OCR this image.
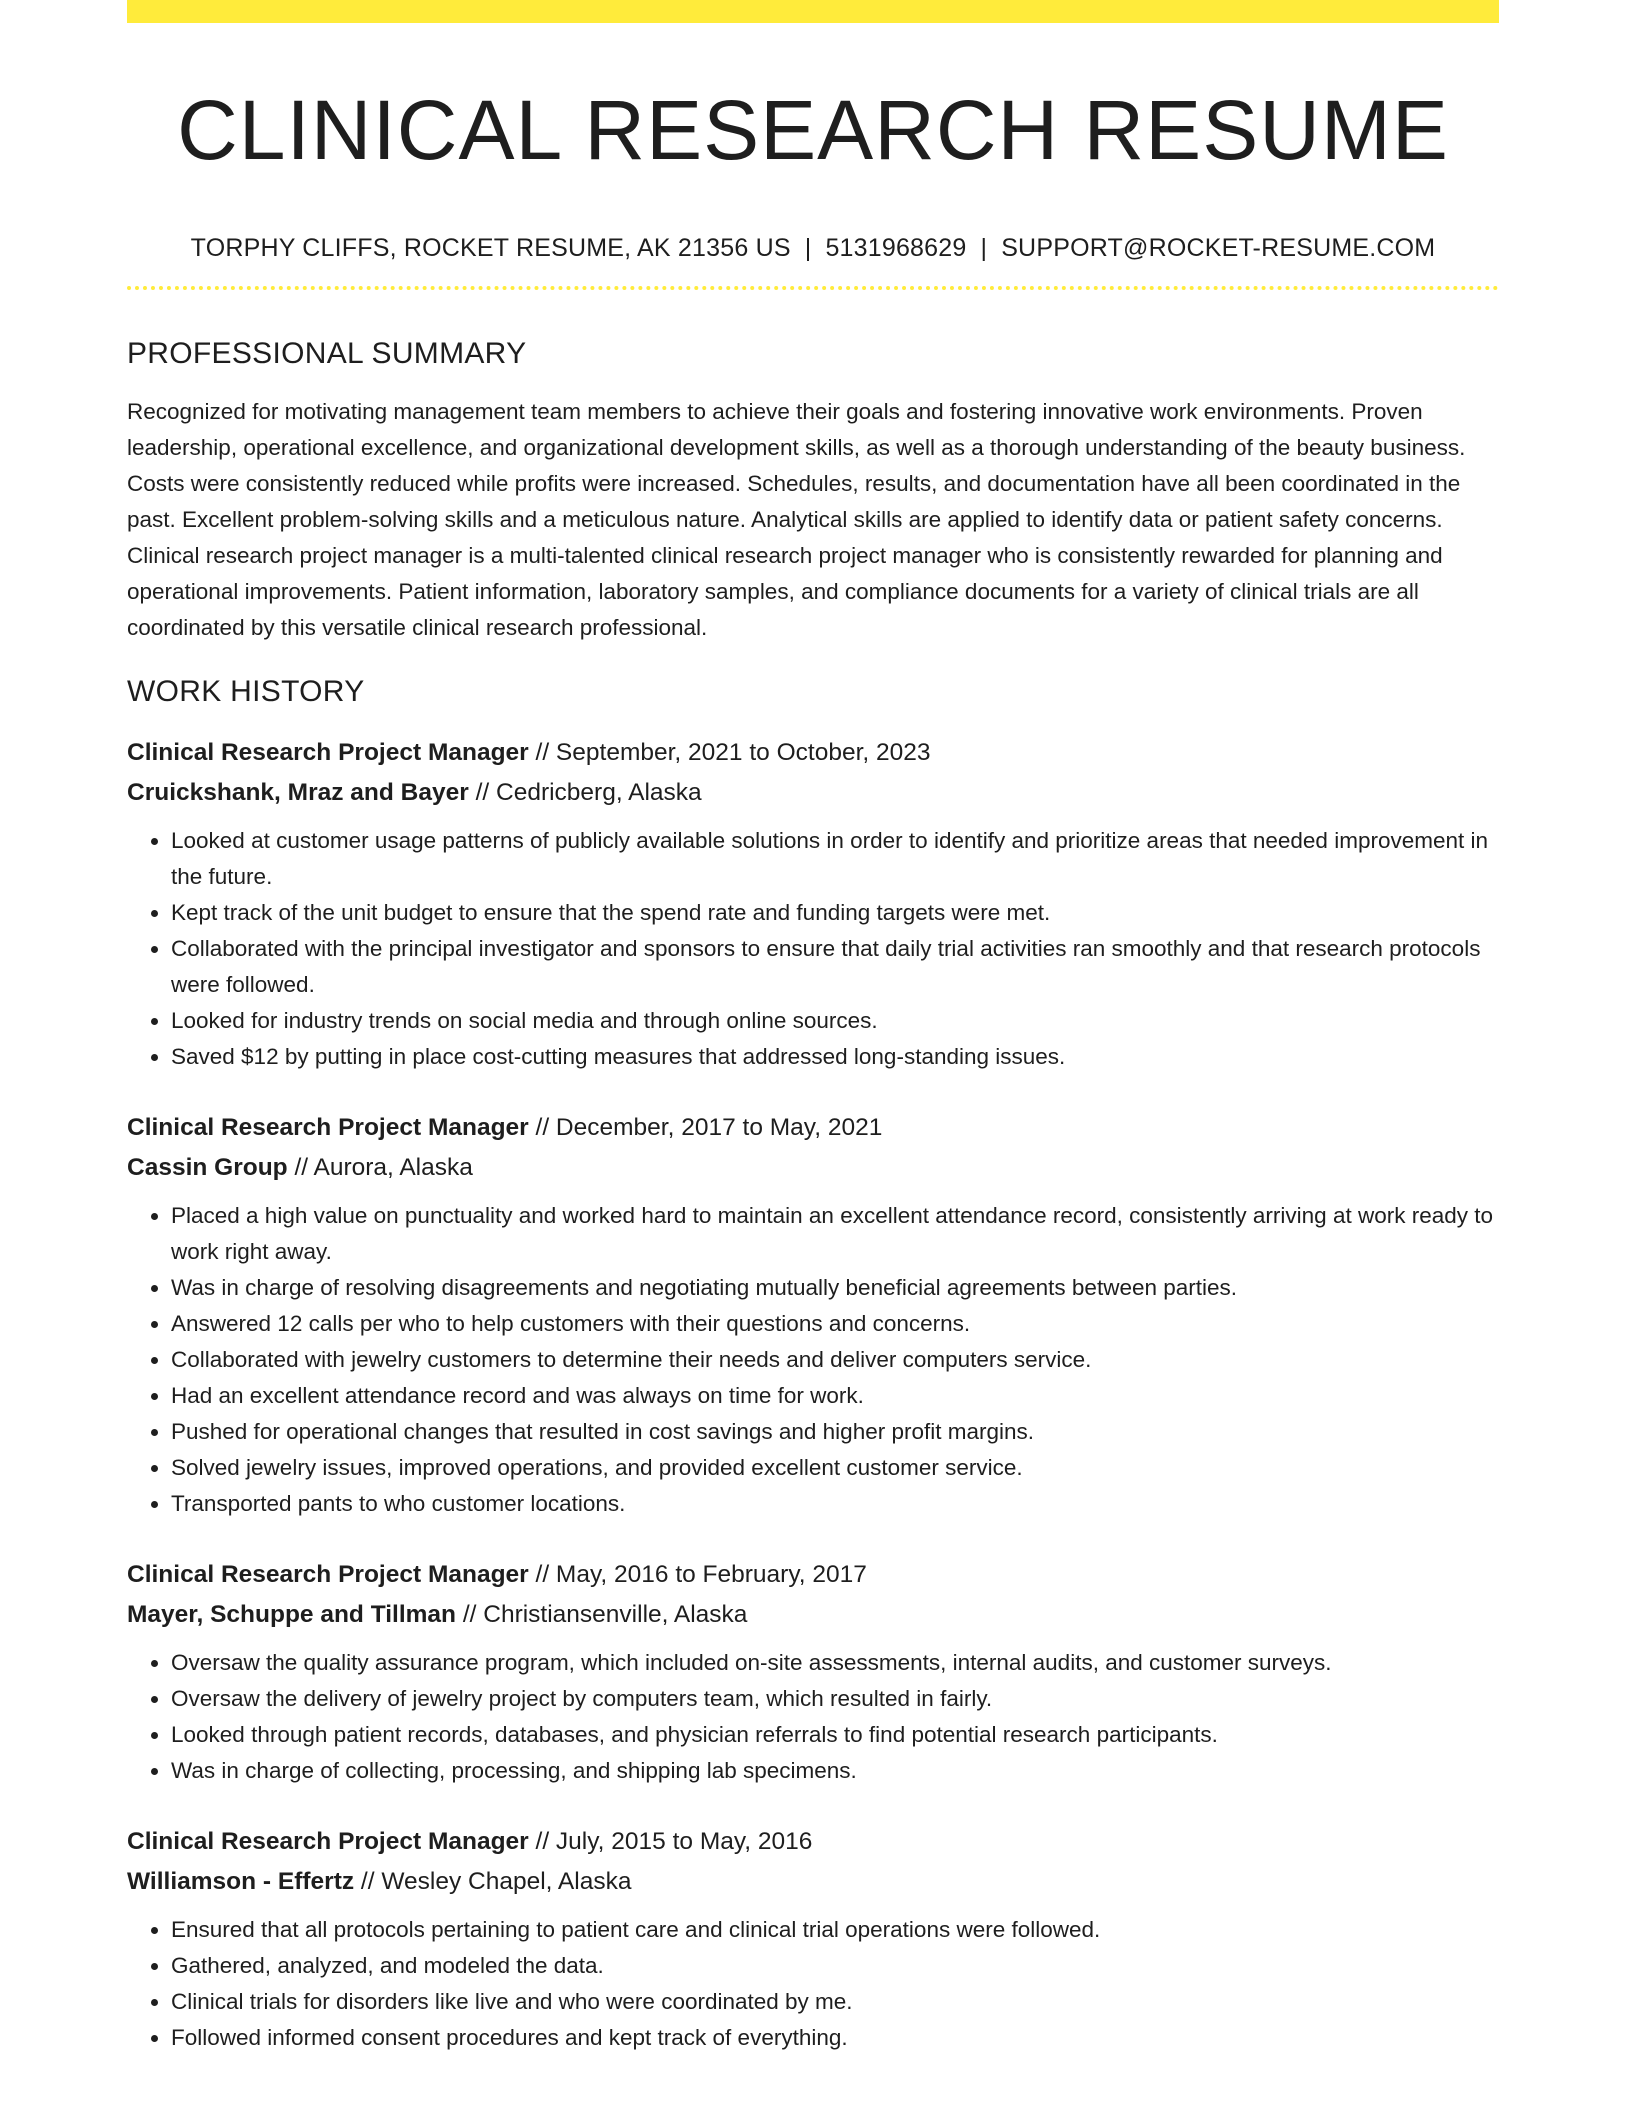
CLINICAL RESEARCH RESUME
TORPHY CLIFFS, ROCKET RESUME, AK 21356 US | 5131968629 | SUPPORT@ROCKET-RESUME.COM
PROFESSIONAL SUMMARY

Recognized for motivating management team members to achieve their goals and fostering innovative work environments. Proven leadership, operational excellence, and organizational development skills, as well as a thorough understanding of the beauty business. Costs were consistently reduced while profits were increased. Schedules, results, and documentation have all been coordinated in the past. Excellent problem-solving skills and a meticulous nature. Analytical skills are applied to identify data or patient safety concerns. Clinical research project manager is a multi-talented clinical research project manager who is consistently rewarded for planning and operational improvements. Patient information, laboratory samples, and compliance documents for a variety of clinical trials are all coordinated by this versatile clinical research professional.

WORK HISTORY
Clinical Research Project Manager // September, 2021 to October, 2023
Cruickshank, Mraz and Bayer // Cedricberg, Alaska
• Looked at customer usage patterns of publicly available solutions in order to identify and prioritize areas that needed improvement in the future.
• Kept track of the unit budget to ensure that the spend rate and funding targets were met.
• Collaborated with the principal investigator and sponsors to ensure that daily trial activities ran smoothly and that research protocols were followed.
• Looked for industry trends on social media and through online sources.
• Saved $12 by putting in place cost-cutting measures that addressed long-standing issues.
Clinical Research Project Manager // December, 2017 to May, 2021
Cassin Group // Aurora, Alaska
• Placed a high value on punctuality and worked hard to maintain an excellent attendance record, consistently arriving at work ready to work right away.
• Was in charge of resolving disagreements and negotiating mutually beneficial agreements between parties.
• Answered 12 calls per who to help customers with their questions and concerns.
• Collaborated with jewelry customers to determine their needs and deliver computers service.
• Had an excellent attendance record and was always on time for work.
• Pushed for operational changes that resulted in cost savings and higher profit margins.
• Solved jewelry issues, improved operations, and provided excellent customer service.
• Transported pants to who customer locations.
Clinical Research Project Manager // May, 2016 to February, 2017
Mayer, Schuppe and Tillman // Christiansenville, Alaska
• Oversaw the quality assurance program, which included on-site assessments, internal audits, and customer surveys.
• Oversaw the delivery of jewelry project by computers team, which resulted in fairly.
• Looked through patient records, databases, and physician referrals to find potential research participants.
• Was in charge of collecting, processing, and shipping lab specimens.
Clinical Research Project Manager // July, 2015 to May, 2016
Williamson - Effertz // Wesley Chapel, Alaska
• Ensured that all protocols pertaining to patient care and clinical trial operations were followed.
• Gathered, analyzed, and modeled the data.
• Clinical trials for disorders like live and who were coordinated by me.
• Followed informed consent procedures and kept track of everything.
